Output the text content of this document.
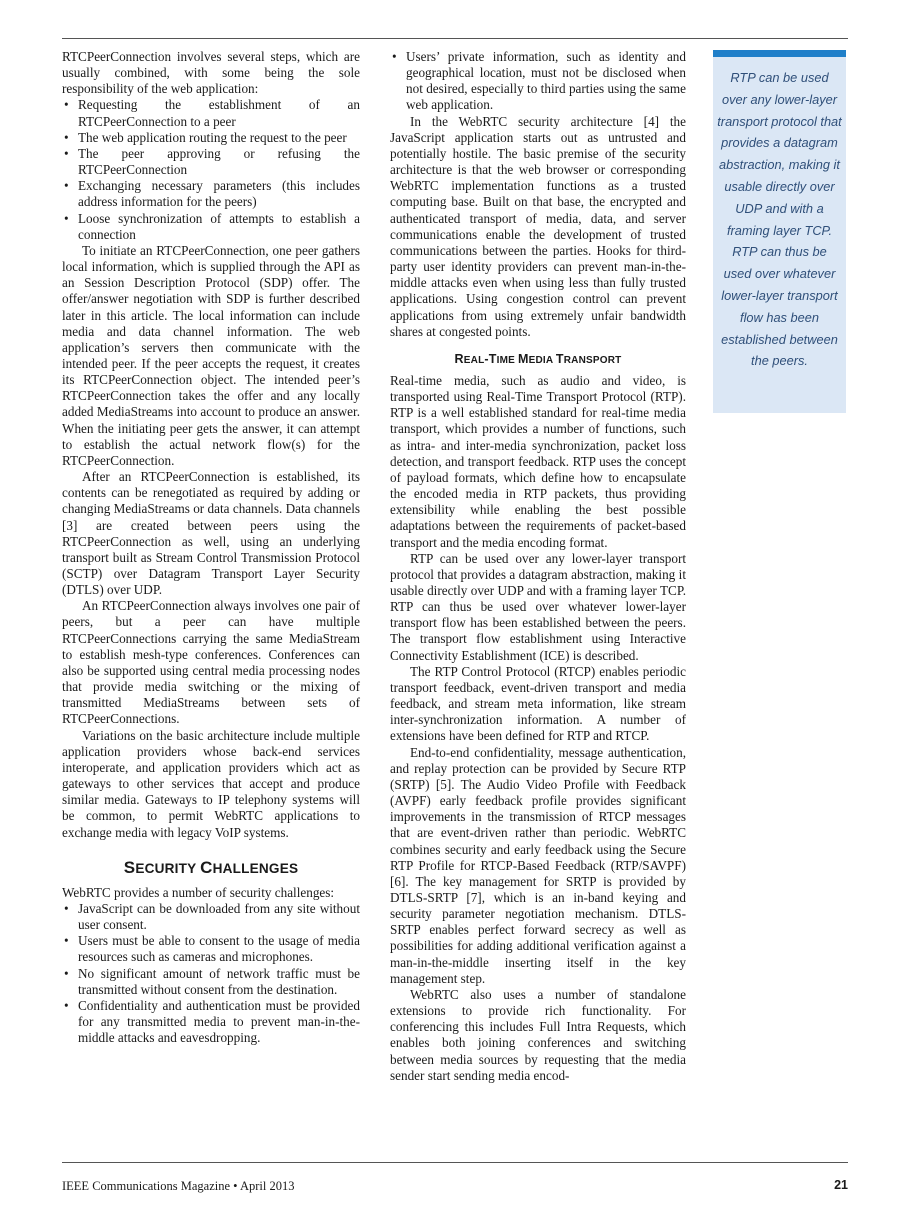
RTCPeerConnection involves several steps, which are usually combined, with some being the sole responsibility of the web application:

• Requesting the establishment of an RTCPeerConnection to a peer
• The web application routing the request to the peer
• The peer approving or refusing the RTCPeerConnection
• Exchanging necessary parameters (this includes address information for the peers)
• Loose synchronization of attempts to establish a connection

To initiate an RTCPeerConnection, one peer gathers local information, which is supplied through the API as an Session Description Protocol (SDP) offer. The offer/answer negotiation with SDP is further described later in this article. The local information can include media and data channel information. The web application’s servers then communicate with the intended peer. If the peer accepts the request, it creates its RTCPeerConnection object. The intended peer’s RTCPeerConnection takes the offer and any locally added MediaStreams into account to produce an answer. When the initiating peer gets the answer, it can attempt to establish the actual network flow(s) for the RTCPeerConnection.

After an RTCPeerConnection is established, its contents can be renegotiated as required by adding or changing MediaStreams or data channels. Data channels [3] are created between peers using the RTCPeerConnection as well, using an underlying transport built as Stream Control Transmission Protocol (SCTP) over Datagram Transport Layer Security (DTLS) over UDP.

An RTCPeerConnection always involves one pair of peers, but a peer can have multiple RTCPeerConnections carrying the same MediaStream to establish mesh-type conferences. Conferences can also be supported using central media processing nodes that provide media switching or the mixing of transmitted MediaStreams between sets of RTCPeerConnections.

Variations on the basic architecture include multiple application providers whose back-end services interoperate, and application providers which act as gateways to other services that accept and produce similar media. Gateways to IP telephony systems will be common, to permit WebRTC applications to exchange media with legacy VoIP systems.

SECURITY CHALLENGES

WebRTC provides a number of security challenges:

• JavaScript can be downloaded from any site without user consent.
• Users must be able to consent to the usage of media resources such as cameras and microphones.
• No significant amount of network traffic must be transmitted without consent from the destination.
• Confidentiality and authentication must be provided for any transmitted media to prevent man-in-the-middle attacks and eavesdropping.
• Users’ private information, such as identity and geographical location, must not be disclosed when not desired, especially to third parties using the same web application.

In the WebRTC security architecture [4] the JavaScript application starts out as untrusted and potentially hostile. The basic premise of the security architecture is that the web browser or corresponding WebRTC implementation functions as a trusted computing base. Built on that base, the encrypted and authenticated transport of media, data, and server communications enable the development of trusted communications between the parties. Hooks for third-party user identity providers can prevent man-in-the-middle attacks even when using less than fully trusted applications. Using congestion control can prevent applications from using extremely unfair bandwidth shares at congested points.

REAL-TIME MEDIA TRANSPORT

Real-time media, such as audio and video, is transported using Real-Time Transport Protocol (RTP). RTP is a well established standard for real-time media transport, which provides a number of functions, such as intra- and inter-media synchronization, packet loss detection, and transport feedback. RTP uses the concept of payload formats, which define how to encapsulate the encoded media in RTP packets, thus providing extensibility while enabling the best possible adaptations between the requirements of packet-based transport and the media encoding format.

RTP can be used over any lower-layer transport protocol that provides a datagram abstraction, making it usable directly over UDP and with a framing layer TCP. RTP can thus be used over whatever lower-layer transport flow has been established between the peers. The transport flow establishment using Interactive Connectivity Establishment (ICE) is described.

The RTP Control Protocol (RTCP) enables periodic transport feedback, event-driven transport and media feedback, and stream meta information, like stream inter-synchronization information. A number of extensions have been defined for RTP and RTCP.

End-to-end confidentiality, message authentication, and replay protection can be provided by Secure RTP (SRTP) [5]. The Audio Video Profile with Feedback (AVPF) early feedback profile provides significant improvements in the transmission of RTCP messages that are event-driven rather than periodic. WebRTC combines security and early feedback using the Secure RTP Profile for RTCP-Based Feedback (RTP/SAVPF) [6]. The key management for SRTP is provided by DTLS-SRTP [7], which is an in-band keying and security parameter negotiation mechanism. DTLS-SRTP enables perfect forward secrecy as well as possibilities for adding additional verification against a man-in-the-middle inserting itself in the key management step.

WebRTC also uses a number of standalone extensions to provide rich functionality. For conferencing this includes Full Intra Requests, which enables both joining conferences and switching between media sources by requesting that the media sender start sending media encod-

RTP can be used over any lower-layer transport protocol that provides a datagram abstraction, making it usable directly over UDP and with a framing layer TCP. RTP can thus be used over whatever lower-layer transport flow has been established between the peers.
IEEE Communications Magazine • April 2013	21
